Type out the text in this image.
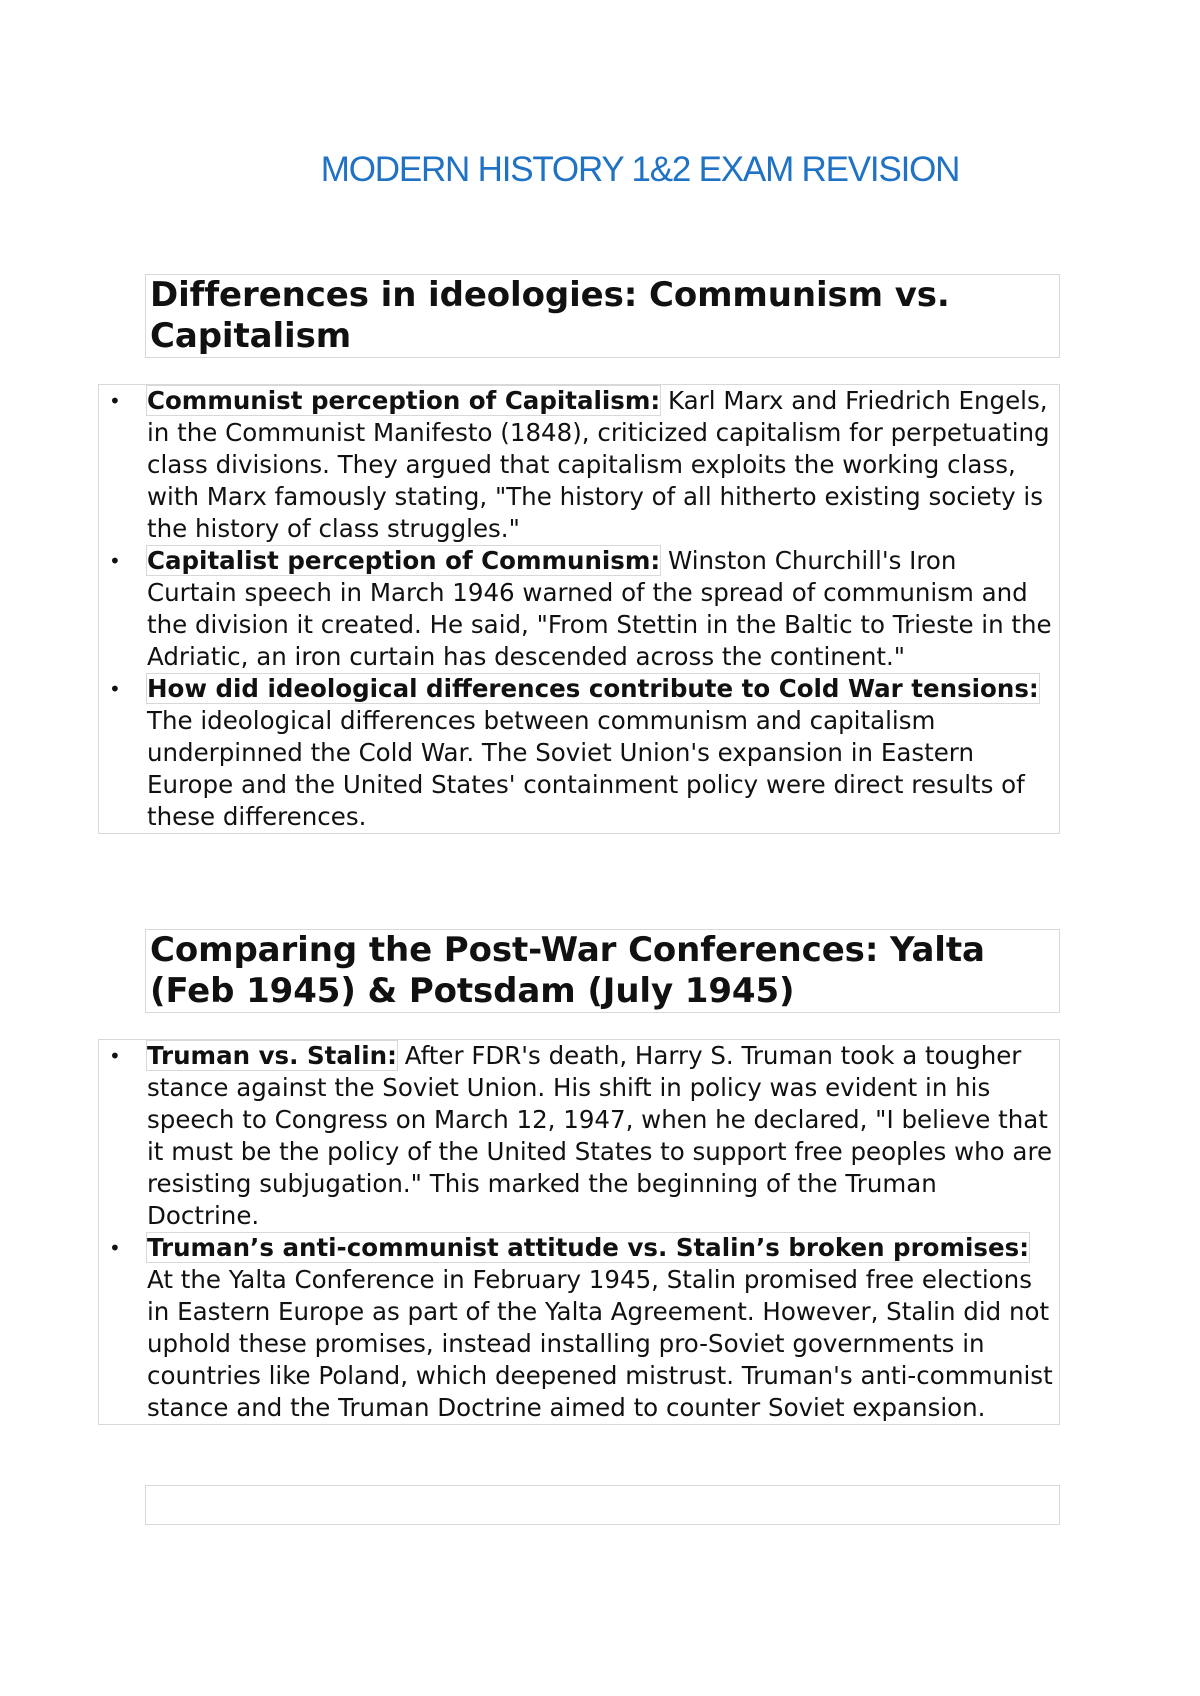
MODERN HISTORY 1&2 EXAM REVISION
Differences in ideologies: Communism vs. Capitalism
• Communist perception of Capitalism: Karl Marx and Friedrich Engels, in the Communist Manifesto (1848), criticized capitalism for perpetuating class divisions. They argued that capitalism exploits the working class, with Marx famously stating, "The history of all hitherto existing society is the history of class struggles."
• Capitalist perception of Communism: Winston Churchill's Iron Curtain speech in March 1946 warned of the spread of communism and the division it created. He said, "From Stettin in the Baltic to Trieste in the Adriatic, an iron curtain has descended across the continent."
• How did ideological differences contribute to Cold War tensions: The ideological differences between communism and capitalism underpinned the Cold War. The Soviet Union's expansion in Eastern Europe and the United States' containment policy were direct results of these differences.
Comparing the Post-War Conferences: Yalta (Feb 1945) & Potsdam (July 1945)
• Truman vs. Stalin: After FDR's death, Harry S. Truman took a tougher stance against the Soviet Union. His shift in policy was evident in his speech to Congress on March 12, 1947, when he declared, "I believe that it must be the policy of the United States to support free peoples who are resisting subjugation." This marked the beginning of the Truman Doctrine.
• Truman’s anti-communist attitude vs. Stalin’s broken promises: At the Yalta Conference in February 1945, Stalin promised free elections in Eastern Europe as part of the Yalta Agreement. However, Stalin did not uphold these promises, instead installing pro-Soviet governments in countries like Poland, which deepened mistrust. Truman's anti-communist stance and the Truman Doctrine aimed to counter Soviet expansion.
